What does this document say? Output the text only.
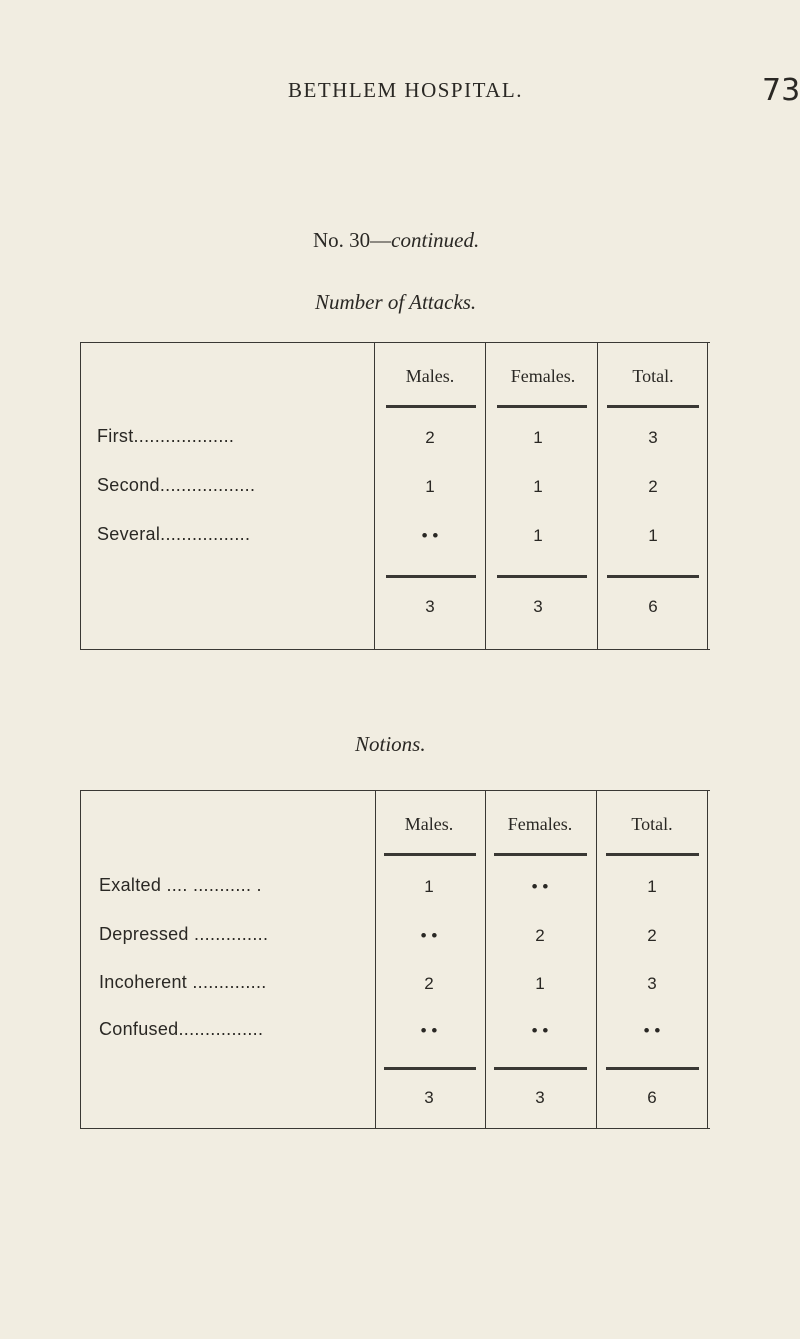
BETHLEM HOSPITAL.	73
No. 30—continued.
Number of Attacks.
Males.	Females.	Total.
First...................	2	1	3
Second..................	1	1	2
Several.................	• •	1	1
3	3	6
Notions.
Males.	Females.	Total.
Exalted .... ........... .	1	• •	1
Depressed ..............	• •	2	2
Incoherent ..............	2	1	3
Confused................	• •	• •	• •
3	3	6
